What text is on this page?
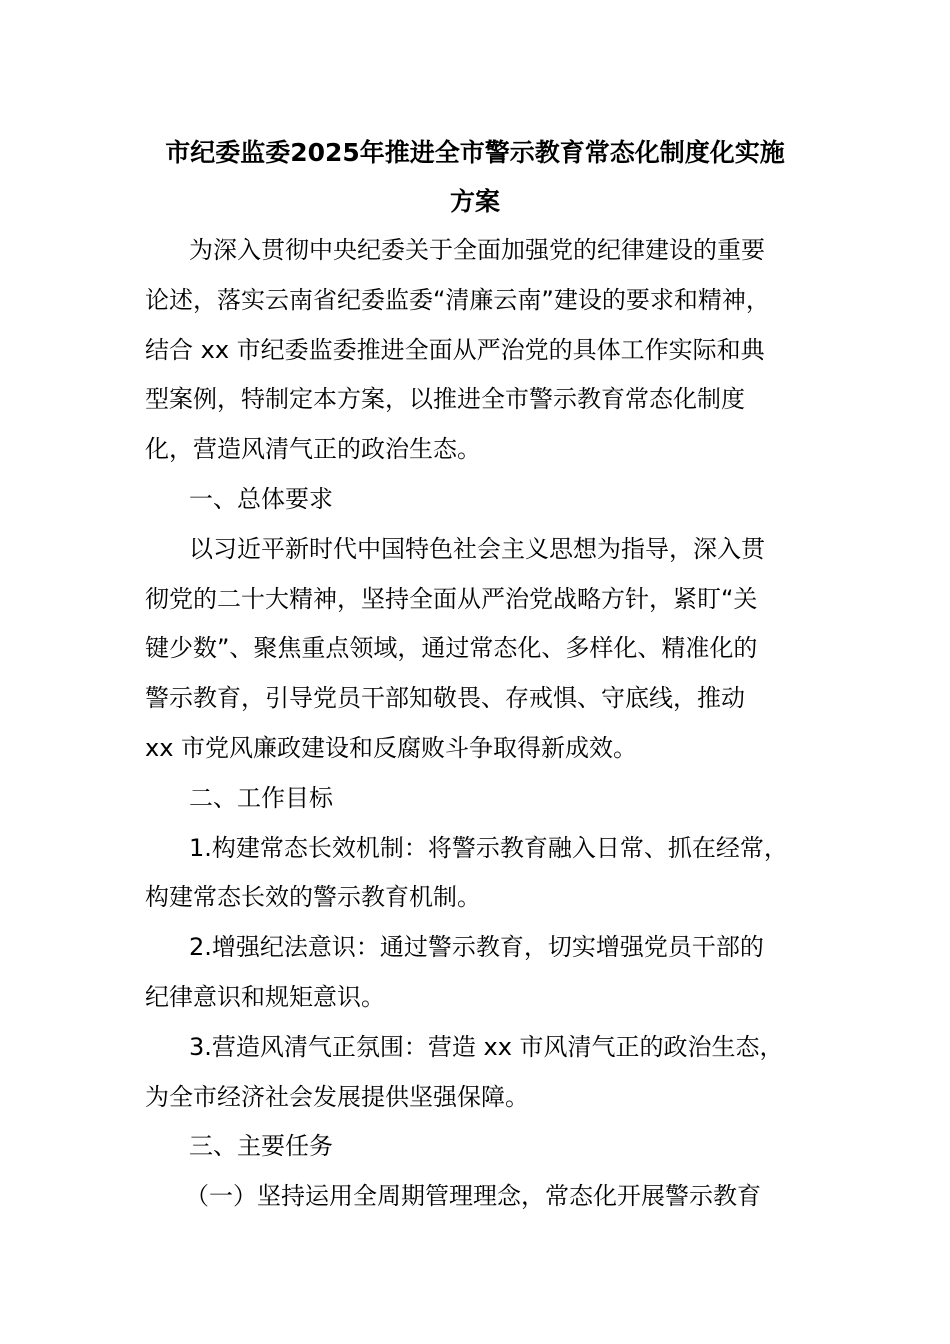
市纪委监委2025年推进全市警示教育常态化制度化实施
方案
为深入贯彻中央纪委关于全面加强党的纪律建设的重要
论述，落实云南省纪委监委“清廉云南”建设的要求和精神，
结合 xx 市纪委监委推进全面从严治党的具体工作实际和典
型案例，特制定本方案，以推进全市警示教育常态化制度
化，营造风清气正的政治生态。
一、总体要求
以习近平新时代中国特色社会主义思想为指导，深入贯
彻党的二十大精神，坚持全面从严治党战略方针，紧盯“关
键少数”、聚焦重点领域，通过常态化、多样化、精准化的
警示教育，引导党员干部知敬畏、存戒惧、守底线，推动
xx 市党风廉政建设和反腐败斗争取得新成效。
二、工作目标
1.构建常态长效机制：将警示教育融入日常、抓在经常，
构建常态长效的警示教育机制。
2.增强纪法意识：通过警示教育，切实增强党员干部的
纪律意识和规矩意识。
3.营造风清气正氛围：营造 xx 市风清气正的政治生态，
为全市经济社会发展提供坚强保障。
三、主要任务
（一）坚持运用全周期管理理念，常态化开展警示教育
